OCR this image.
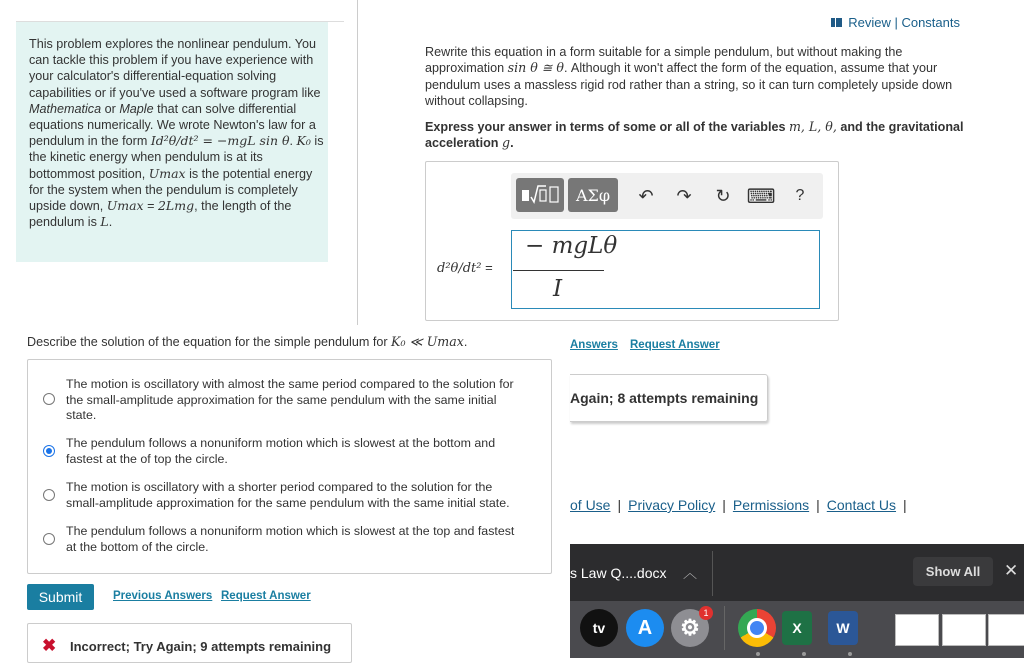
This problem explores the nonlinear pendulum. You can tackle this problem if you have experience with your calculator's differential-equation solving capabilities or if you've used a software program like Mathematica or Maple that can solve differential equations numerically. We wrote Newton's law for a pendulum in the form Id²θ/dt² = −mgL sin θ. K₀ is the kinetic energy when pendulum is at its bottommost position, Umax is the potential energy for the system when the pendulum is completely upside down, Umax = 2Lmg, the length of the pendulum is L.
Review | Constants
Rewrite this equation in a form suitable for a simple pendulum, but without making the approximation sin θ ≅ θ. Although it won't affect the form of the equation, assume that your pendulum uses a massless rigid rod rather than a string, so it can turn completely upside down without collapsing.
Express your answer in terms of some or all of the variables m, L, θ, and the gravitational acceleration g.
ΑΣφ ↶ ↷ ↻ ⌨	?
d²θ/dt² =
− mgLθ
I
Describe the solution of the equation for the simple pendulum for K₀ ≪ Umax.
The motion is oscillatory with almost the same period compared to the solution for the small-amplitude approximation for the same pendulum with the same initial state.
The pendulum follows a nonuniform motion which is slowest at the bottom and fastest at the of top the circle.
The motion is oscillatory with a shorter period compared to the solution for the small-amplitude approximation for the same pendulum with the same initial state.
The pendulum follows a nonuniform motion which is slowest at the top and fastest at the bottom of the circle.
Submit	Previous Answers Request Answer
✖ Incorrect; Try Again; 9 attempts remaining
Answers Request Answer
Again; 8 attempts remaining
of Use | Privacy Policy | Permissions | Contact Us |
s Law Q....docx ︿	Show All	✕
tv	A	⚙
1
X W
